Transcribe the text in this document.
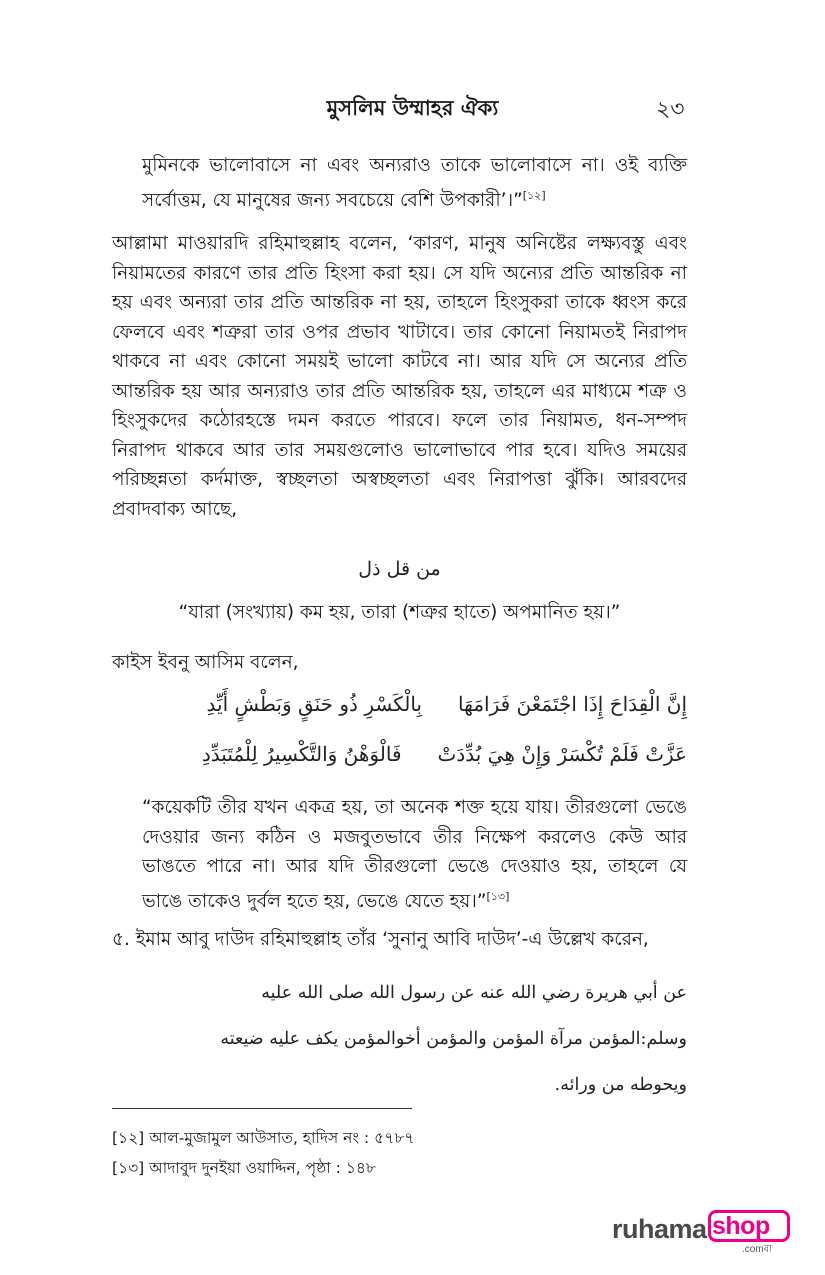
মুসলিম উম্মাহর ঐক্য	২৩
মুমিনকে ভালোবাসে না এবং অন্যরাও তাকে ভালোবাসে না। ওই ব্যক্তি সর্বোত্তম, যে মানুষের জন্য সবচেয়ে বেশি উপকারী’।”[১২]
আল্লামা মাওয়ারদি রহিমাহুল্লাহ বলেন, ‘কারণ, মানুষ অনিষ্টের লক্ষ্যবস্তু এবং নিয়ামতের কারণে তার প্রতি হিংসা করা হয়। সে যদি অন্যের প্রতি আন্তরিক না হয় এবং অন্যরা তার প্রতি আন্তরিক না হয়, তাহলে হিংসুকরা তাকে ধ্বংস করে ফেলবে এবং শত্রুরা তার ওপর প্রভাব খাটাবে। তার কোনো নিয়ামতই নিরাপদ থাকবে না এবং কোনো সময়ই ভালো কাটবে না। আর যদি সে অন্যের প্রতি আন্তরিক হয় আর অন্যরাও তার প্রতি আন্তরিক হয়, তাহলে এর মাধ্যমে শত্রু ও হিংসুকদের কঠোরহস্তে দমন করতে পারবে। ফলে তার নিয়ামত, ধন-সম্পদ নিরাপদ থাকবে আর তার সময়গুলোও ভালোভাবে পার হবে। যদিও সময়ের পরিচ্ছন্নতা কর্দমাক্ত, স্বচ্ছলতা অস্বচ্ছলতা এবং নিরাপত্তা ঝুঁকি। আরবদের প্রবাদবাক্য আছে,
من قل ذل
“যারা (সংখ্যায়) কম হয়, তারা (শত্রুর হাতে) অপমানিত হয়।”
কাইস ইবনু আসিম বলেন,
إِنَّ الْقِدَاحَ إِذَا اجْتَمَعْنَ فَرَامَهَابِالْكَسْرِ ذُو حَنَقٍ وَبَطْشٍ أَيِّدِ
عَزَّتْ فَلَمْ تُكْسَرْ وَإِنْ هِيَ بُدِّدَتْفَالْوَهْنُ وَالتَّكْسِيرُ لِلْمُتَبَدِّدِ
“কয়েকটি তীর যখন একত্র হয়, তা অনেক শক্ত হয়ে যায়। তীরগুলো ভেঙে দেওয়ার জন্য কঠিন ও মজবুতভাবে তীর নিক্ষেপ করলেও কেউ আর ভাঙতে পারে না। আর যদি তীরগুলো ভেঙে দেওয়াও হয়, তাহলে যে ভাঙে তাকেও দুর্বল হতে হয়, ভেঙে যেতে হয়।”[১৩]
৫. ইমাম আবু দাউদ রহিমাহুল্লাহ তাঁর ‘সুনানু আবি দাউদ’-এ উল্লেখ করেন,
عن أبي هريرة رضي الله عنه عن رسول الله صلى الله عليه
وسلم:المؤمن مرآة المؤمن والمؤمن أخوالمؤمن يكف عليه ضيعته
ويحوطه من ورائه.
[১২] আল-মুজামুল আউসাত, হাদিস নং : ৫৭৮৭
[১৩] আদাবুদ দুনইয়া ওয়াদ্দিন, পৃষ্ঠা : ১৪৮
ruhama shop
.comবা
